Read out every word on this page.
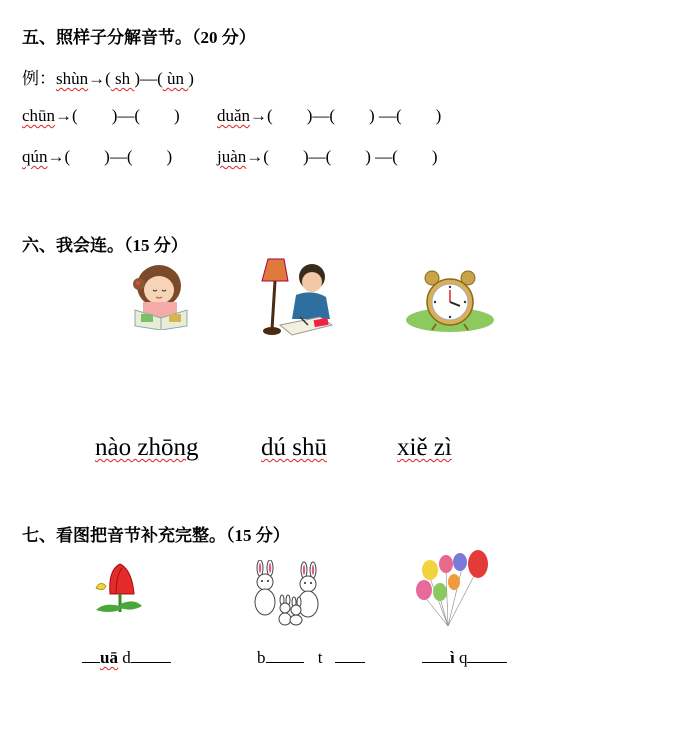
五、照样子分解音节。（20 分）
例：shùn→( sh )—( ùn )
chūn→(        )—(        ) duǎn→(        )—(        ) —(        )
qún→(        )—(        )	juàn→(        )—(        ) —(        )
六、我会连。（15 分）
nào zhōng	dú shū	xiě zì
七、看图把音节补充完整。（15 分）
uā d	b	t	ì q
